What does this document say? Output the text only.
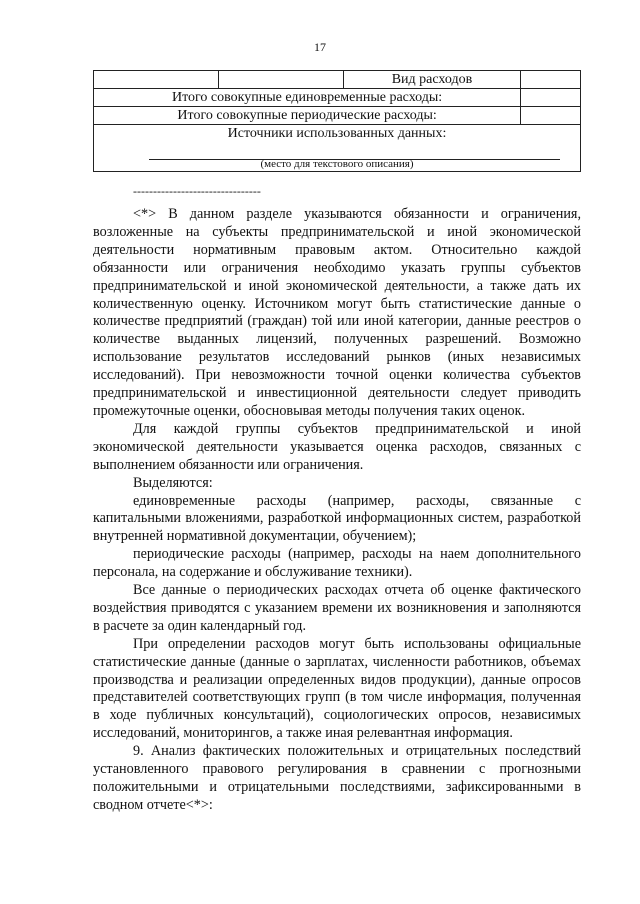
17
		Вид расходов	
Итого совокупные единовременные расходы:			
Итого совокупные периодические расходы:			
Источники использованных данных:
(место для текстового описания)			
--------------------------------

<*> В данном разделе указываются обязанности и ограничения, возложенные на субъекты предпринимательской и иной экономической деятельности нормативным правовым актом. Относительно каждой обязанности или ограничения необходимо указать группы субъектов предпринимательской и иной экономической деятельности, а также дать их количественную оценку. Источником могут быть статистические данные о количестве предприятий (граждан) той или иной категории, данные реестров о количестве выданных лицензий, полученных разрешений. Возможно использование результатов исследований рынков (иных независимых исследований). При невозможности точной оценки количества субъектов предпринимательской и инвестиционной деятельности следует приводить промежуточные оценки, обосновывая методы получения таких оценок.

Для каждой группы субъектов предпринимательской и иной экономической деятельности указывается оценка расходов, связанных с выполнением обязанности или ограничения.

Выделяются:

единовременные расходы (например, расходы, связанные с капитальными вложениями, разработкой информационных систем, разработкой внутренней нормативной документации, обучением);

периодические расходы (например, расходы на наем дополнительного персонала, на содержание и обслуживание техники).

Все данные о периодических расходах отчета об оценке фактического воздействия приводятся с указанием времени их возникновения и заполняются в расчете за один календарный год.

При определении расходов могут быть использованы официальные статистические данные (данные о зарплатах, численности работников, объемах производства и реализации определенных видов продукции), данные опросов представителей соответствующих групп (в том числе информация, полученная в ходе публичных консультаций), социологических опросов, независимых исследований, мониторингов, а также иная релевантная информация.

9. Анализ фактических положительных и отрицательных последствий установленного правового регулирования в сравнении с прогнозными положительными и отрицательными последствиями, зафиксированными в сводном отчете<*>:
